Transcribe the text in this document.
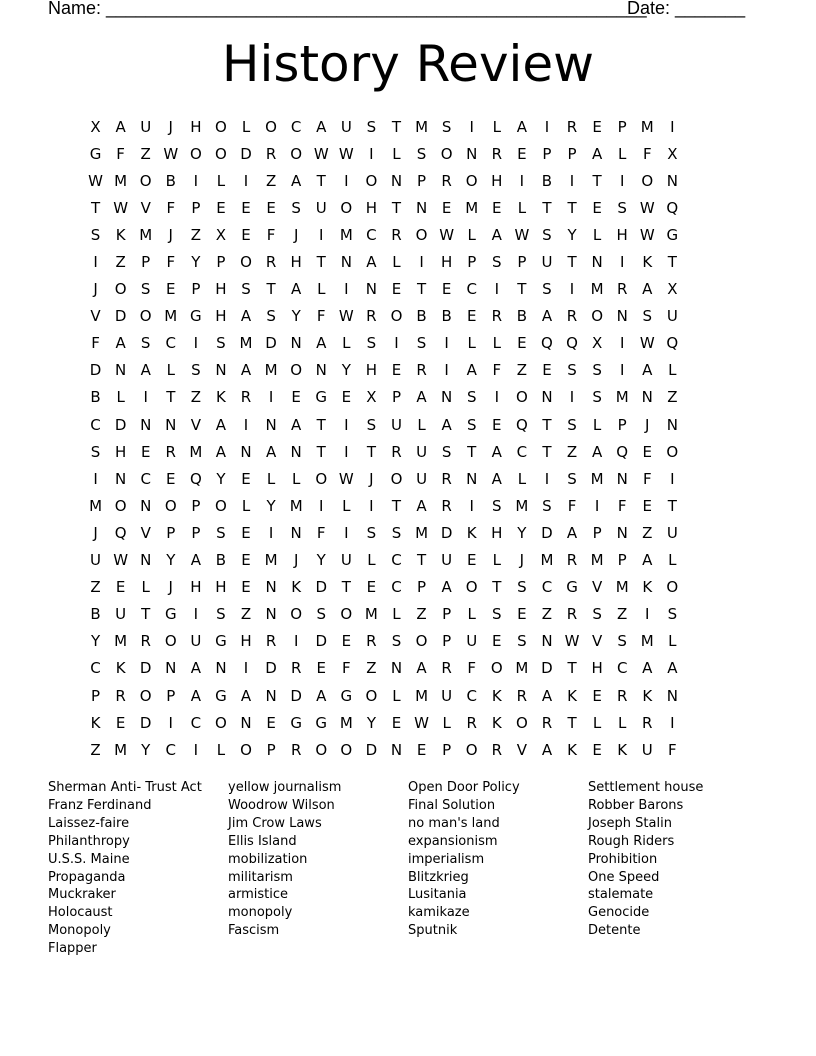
Name: ______________________________________________________
Date: _______
History Review
X A U	J	H O	L O C A U S	T M S	I	L	A	I	R	E	P M	I
G F	Z W O O D R O W W	I	L	S O N R	E	P	P	A	L	F	X
W M O B	I	L	I	Z A	T	I	O N P	R O H	I	B	I	T	I	O N
T W V	F	P	E	E	E	S U O H T N E M E	L	T	T	E	S W Q
S	K M	J	Z X	E	F	J	I	M C R O W L	A W S	Y	L	H W G
I	Z	P	F	Y	P O R H T N A	L	I	H P	S	P	U	T N	I	K	T
J	O S	E	P H S	T	A	L	I	N E	T	E	C	I	T	S	I	M R A X
V D O M G H A	S	Y	F W R O B B	E	R B A R O N S U
F	A	S	C	I	S M D N A	L	S	I	S	I	L	L	E Q Q X	I	W Q
D N A	L	S N A M O N Y H E	R	I	A	F	Z	E	S	S	I	A	L
B	L	I	T	Z	K R	I	E G E	X	P	A N S	I	O N	I	S M N Z
C D N N V A	I	N A	T	I	S U	L	A	S	E Q T	S	L	P	J	N
S H E	R M A N A N T	I	T	R U S	T	A C	T	Z A Q E O
I	N C	E Q Y	E	L	L O W	J	O U R N A	L	I	S M N	F	I
M O N O P O	L	Y M	I	L	I	T	A R	I	S M S	F	I	F	E	T
J	Q V	P	P	S	E	I	N	F	I	S	S M D K H Y D A	P N Z U
U W N Y	A B	E M	J	Y	U	L	C	T	U E	L	J	M R M P	A	L
Z	E	L	J	H H E N K D T	E	C	P	A O T	S	C G V M K O
B U	T G	I	S	Z N O S O M L	Z	P	L	S	E	Z R	S	Z	I	S
Y M R O U G H R	I	D E	R	S O P	U E	S N W V	S M L
C K D N A N	I	D R	E	F	Z N A R	F O M D T H C A A
P	R O P	A G A N D A G O	L M U C K R A	K	E	R K N
K	E D	I	C O N E G G M Y	E W L	R K O R	T	L	L	R	I
Z M Y	C	I	L O P	R O O D N E	P O R V A	K	E	K U	F
Sherman Anti- Trust Act
Franz Ferdinand
Laissez-faire
Philanthropy
U.S.S. Maine
Propaganda
Muckraker
Holocaust
Monopoly
Flapper
yellow journalism
Woodrow Wilson
Jim Crow Laws
Ellis Island
mobilization
militarism
armistice
monopoly
Fascism
Open Door Policy
Final Solution
no man's land
expansionism
imperialism
Blitzkrieg
Lusitania
kamikaze
Sputnik
Settlement house
Robber Barons
Joseph Stalin
Rough Riders
Prohibition
One Speed
stalemate
Genocide
Detente
